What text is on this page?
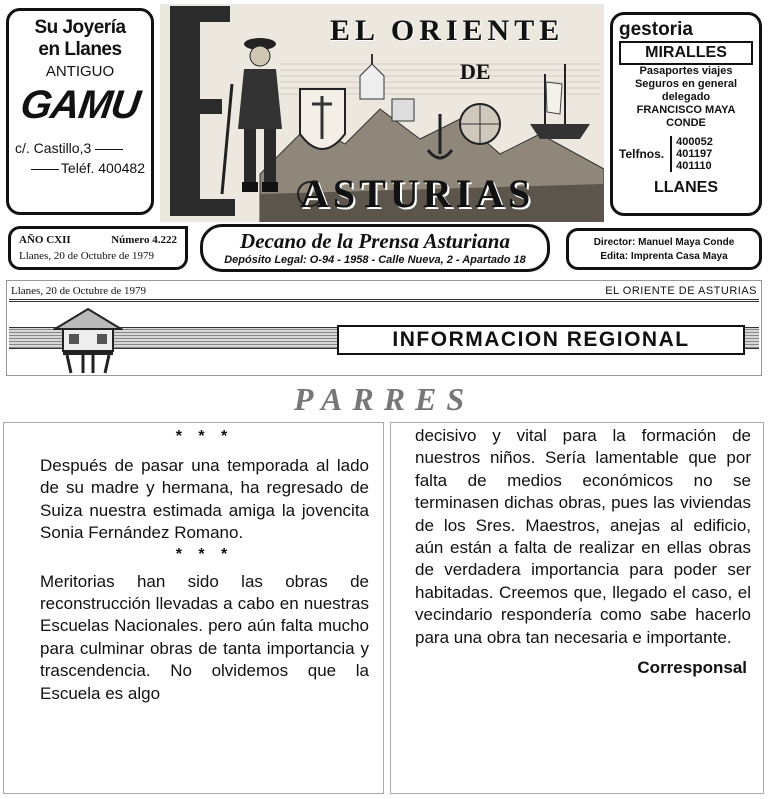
Su Joyería
en Llanes
ANTIGUO
GAMU
c/. Castillo,3
Teléf. 400482
EL ORIENTE
DE
ASTURIAS
gestoria
MIRALLES
Pasaportes viajes
Seguros en general
delegado
FRANCISCO MAYA
CONDE
Telfnos.
400052
401197
401110
LLANES
AÑO CXII	Número 4.222
Llanes, 20 de Octubre de 1979
Decano de la Prensa Asturiana
Depósito Legal: O-94 - 1958 - Calle Nueva, 2 - Apartado 18
Director: Manuel Maya Conde
Edita: Imprenta Casa Maya
Llanes, 20 de Octubre de 1979	EL ORIENTE DE ASTURIAS
INFORMACION REGIONAL
PARRES
* * *

Después de pasar una temporada al lado de su madre y hermana, ha regresado de Suiza nuestra estimada amiga la jovencita Sonia Fernández Romano.

* * *

Meritorias han sido las obras de reconstrucción llevadas a cabo en nuestras Escuelas Nacionales. pero aún falta mucho para culminar obras de tanta importancia y trascendencia. No olvidemos que la Escuela es algo

decisivo y vital para la formación de nuestros niños. Sería lamentable que por falta de medios económicos no se terminasen dichas obras, pues las viviendas de los Sres. Maestros, anejas al edificio, aún están a falta de realizar en ellas obras de verdadera importancia para poder ser habitadas. Creemos que, llegado el caso, el vecindario respondería como sabe hacerlo para una obra tan necesaria e importante.

Corresponsal
